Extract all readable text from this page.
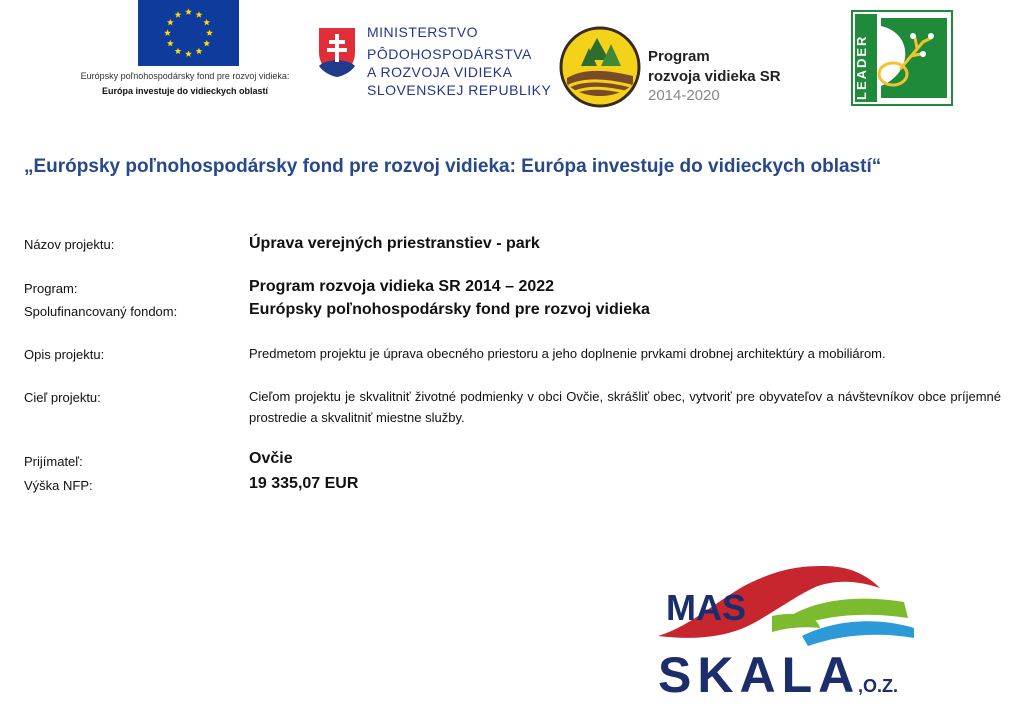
Európsky poľnohospodársky fond pre rozvoj vidieka:
Európa investuje do vidieckych oblastí
MINISTERSTVO
PÔDOHOSPODÁRSTVA
A ROZVOJA VIDIEKA
SLOVENSKEJ REPUBLIKY
Program
rozvoja vidieka SR
2014-2020	LEADER
„Európsky poľnohospodársky fond pre rozvoj vidieka: Európa investuje do vidieckych oblastí“
Názov projektu:	Úprava verejných priestranstiev - park
Program:	Program rozvoja vidieka SR 2014 – 2022
Spolufinancovaný fondom:	Európsky poľnohospodársky fond pre rozvoj vidieka
Opis projektu:	Predmetom projektu je úprava obecného priestoru a jeho doplnenie prvkami drobnej architektúry a mobiliárom.
Cieľ projektu:	Cieľom projektu je skvalitniť životné podmienky v obci Ovčie, skrášliť obec, vytvoriť pre obyvateľov a návštevníkov obce príjemné prostredie a skvalitniť miestne služby.
Prijímateľ:	Ovčie
Výška NFP:	19 335,07 EUR
MAS
SKALA
,O.Z.
